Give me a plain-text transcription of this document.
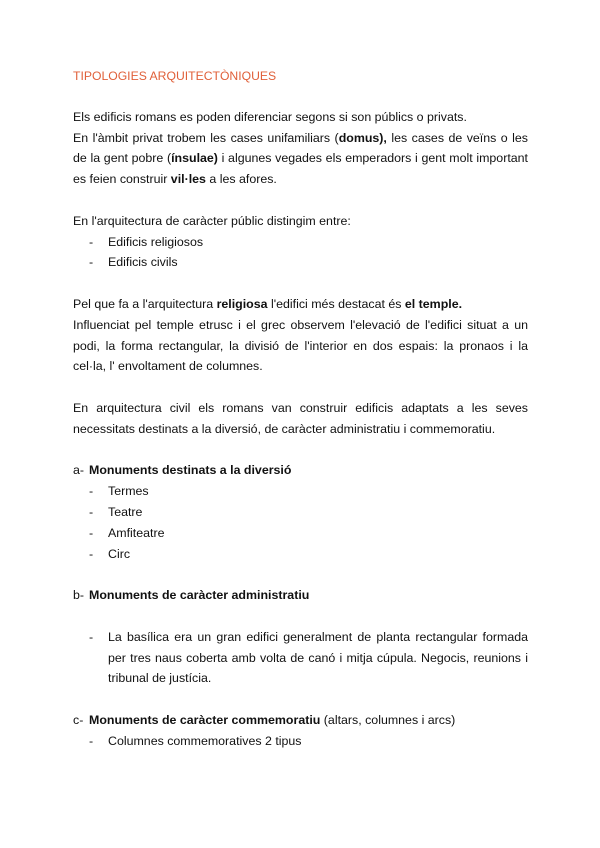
TIPOLOGIES ARQUITECTÒNIQUES

Els edificis romans es poden diferenciar segons si son públics o privats.

En l'àmbit privat trobem les cases unifamiliars (domus), les cases de veïns o les de la gent pobre (ínsulae) i algunes vegades els emperadors i gent molt important es feien construir vil·les a les afores.

En l'arquitectura de caràcter públic distingim entre:

- Edificis religiosos
- Edificis civils

Pel que fa a l'arquitectura religiosa l'edifici més destacat és el temple.

Influenciat pel temple etrusc i el grec observem l'elevació de l'edifici situat a un podi, la forma rectangular, la divisió de l'interior en dos espais: la pronaos i la cel·la, l' envoltament de columnes.

En arquitectura civil els romans van construir edificis adaptats a les seves necessitats destinats a la diversió, de caràcter administratiu i commemoratiu.

a- Monuments destinats a la diversió

- Termes
- Teatre
- Amfiteatre
- Circ

b- Monuments de caràcter administratiu

- La basílica era un gran edifici generalment de planta rectangular formada per tres naus coberta amb volta de canó i mitja cúpula. Negocis, reunions i tribunal de justícia.

c- Monuments de caràcter commemoratiu (altars, columnes i arcs)

- Columnes commemoratives 2 tipus
